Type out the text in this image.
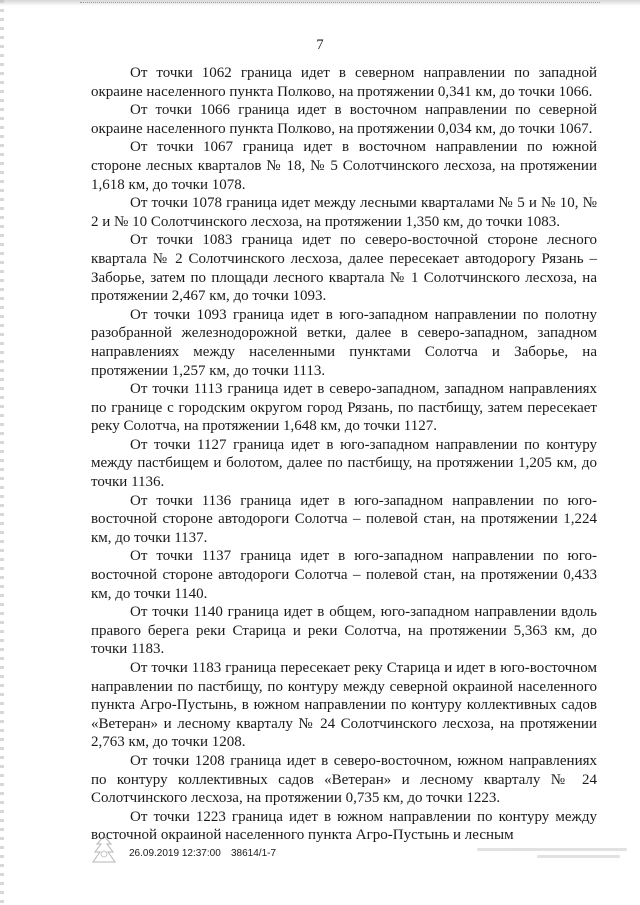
7

От точки 1062 граница идет в северном направлении по западной окраине населенного пункта Полково, на протяжении 0,341 км, до точки 1066.

От точки 1066 граница идет в восточном направлении по северной окраине населенного пункта Полково, на протяжении 0,034 км, до точки 1067.

От точки 1067 граница идет в восточном направлении по южной стороне лесных кварталов № 18, № 5 Солотчинского лесхоза, на протяжении 1,618 км, до точки 1078.

От точки 1078 граница идет между лесными кварталами № 5 и № 10, № 2 и № 10 Солотчинского лесхоза, на протяжении 1,350 км, до точки 1083.

От точки 1083 граница идет по северо-восточной стороне лесного квартала № 2 Солотчинского лесхоза, далее пересекает автодорогу Рязань – Заборье, затем по площади лесного квартала № 1 Солотчинского лесхоза, на протяжении 2,467 км, до точки 1093.

От точки 1093 граница идет в юго-западном направлении по полотну разобранной железнодорожной ветки, далее в северо-западном, западном направлениях между населенными пунктами Солотча и Заборье, на протяжении 1,257 км, до точки 1113.

От точки 1113 граница идет в северо-западном, западном направлениях по границе с городским округом город Рязань, по пастбищу, затем пересекает реку Солотча, на протяжении 1,648 км, до точки 1127.

От точки 1127 граница идет в юго-западном направлении по контуру между пастбищем и болотом, далее по пастбищу, на протяжении 1,205 км, до точки 1136.

От точки 1136 граница идет в юго-западном направлении по юго-восточной стороне автодороги Солотча – полевой стан, на протяжении 1,224 км, до точки 1137.

От точки 1137 граница идет в юго-западном направлении по юго-восточной стороне автодороги Солотча – полевой стан, на протяжении 0,433 км, до точки 1140.

От точки 1140 граница идет в общем, юго-западном направлении вдоль правого берега реки Старица и реки Солотча, на протяжении 5,363 км, до точки 1183.

От точки 1183 граница пересекает реку Старица и идет в юго-восточном направлении по пастбищу, по контуру между северной окраиной населенного пункта Агро-Пустынь, в южном направлении по контуру коллективных садов «Ветеран» и лесному кварталу № 24 Солотчинского лесхоза, на протяжении 2,763 км, до точки 1208.

От точки 1208 граница идет в северо-восточном, южном направлениях по контуру коллективных садов «Ветеран» и лесному кварталу № 24 Солотчинского лесхоза, на протяжении 0,735 км, до точки 1223.

От точки 1223 граница идет в южном направлении по контуру между восточной окраиной населенного пункта Агро-Пустынь и лесным

26.09.2019 12:37:00 38614/1-7
